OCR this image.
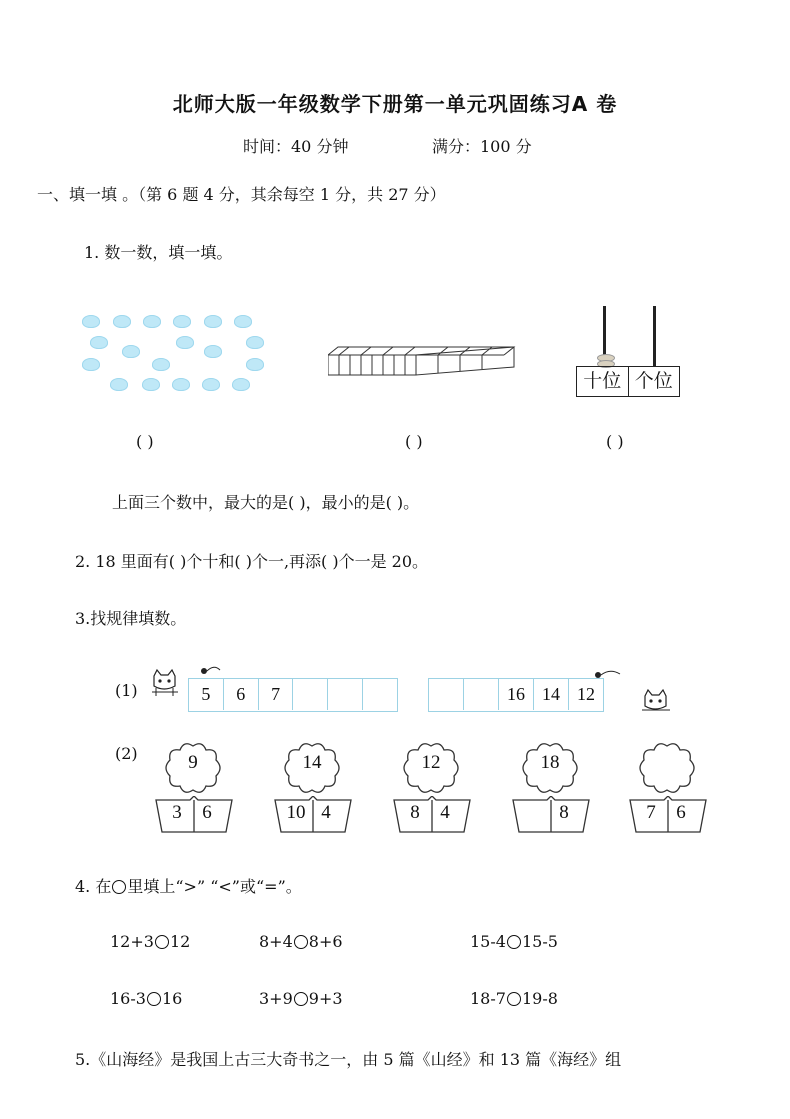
北师大版一年级数学下册第一单元巩固练习A 卷
时间：40 分钟	满分：100 分
一、填一填 。（第 6 题 4 分，其余每空 1 分，共 27 分）
1. 数一数，填一填。
十位 个位
( )	( )	( )
上面三个数中，最大的是( )，最小的是( )。
2. 18 里面有( )个十和( )个一,再添( )个一是 20。
3.找规律填数。
(1)	5	6	7	16 14 12
(2)	9
3	6
14
10 4
12
8	4
18
8	7	6
4. 在 里填上“>” “<”或“=”。
12+3 12	8+4 8+6	15-4 15-5
16-3 16	3+9 9+3	18-7 19-8
5.《山海经》是我国上古三大奇书之一，由 5 篇《山经》和 13 篇《海经》组
